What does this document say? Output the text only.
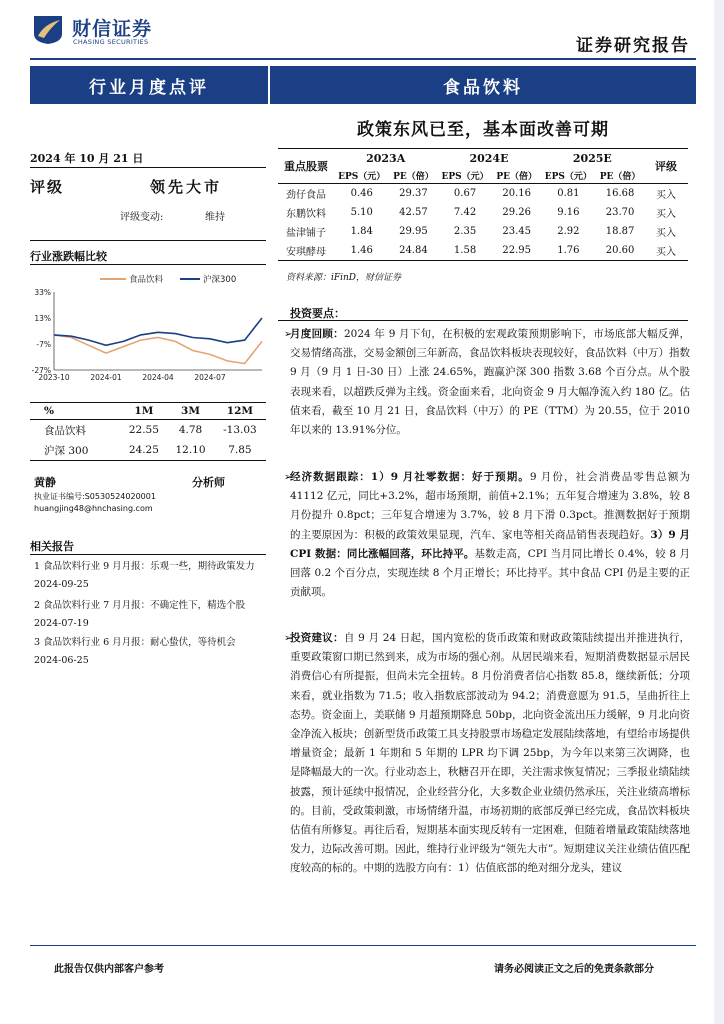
财信证券
CHASING SECURITIES	证券研究报告
行业月度点评	食品饮料
政策东风已至，基本面改善可期
2024 年 10 月 21 日
评级	领先大市
评级变动:	维持
行业涨跌幅比较
33%
13%
-7%
-27%
2023-10	2024-01	2024-04	2024-07
食品饮料	沪深300
%	1M	3M	12M
食品饮料	22.55	4.78	-13.03
沪深 300	24.25	12.10	7.85
黄静	分析师
执业证书编号:S0530524020001
huangjing48@hnchasing.com
相关报告
1 食品饮料行业 9 月月报：乐观一些，期待政策发力 2024-09-25
2 食品饮料行业 7 月月报：不确定性下，精选个股 2024-07-19
3 食品饮料行业 6 月月报：耐心蛰伏，等待机会 2024-06-25
重点股票	2023A		2024E		2025E		评级
	EPS（元）	PE（倍）	EPS（元）	PE（倍）	EPS（元）	PE（倍）	
劲仔食品	0.46	29.37	0.67	20.16	0.81	16.68	买入
东鹏饮料	5.10	42.57	7.42	29.26	9.16	23.70	买入
盐津铺子	1.84	29.95	2.35	23.45	2.92	18.87	买入
安琪酵母	1.46	24.84	1.58	22.95	1.76	20.60	买入
资料来源：iFinD，财信证券
投资要点：
➢
月度回顾：2024 年 9 月下旬，在积极的宏观政策预期影响下，市场底部大幅反弹，交易情绪高涨，交易金额创三年新高，食品饮料板块表现较好，食品饮料（中万）指数 9 月（9 月 1 日-30 日）上涨 24.65%，跑赢沪深 300 指数 3.68 个百分点。从个股表现来看，以超跌反弹为主线。资金面来看，北向资金 9 月大幅净流入约 180 亿。估值来看，截至 10 月 21 日，食品饮料（中万）的 PE（TTM）为 20.55，位于 2010 年以来的 13.91%分位。
➢
经济数据跟踪：1）9 月社零数据：好于预期。9 月份，社会消费品零售总额为 41112 亿元，同比+3.2%，超市场预期，前值+2.1%；五年复合增速为 3.8%，较 8 月份提升 0.8pct；三年复合增速为 3.7%，较 8 月下滑 0.3pct。推测数据好于预期的主要原因为：积极的政策效果显现，汽车、家电等相关商品销售表现趋好。3）9 月 CPI 数据：同比涨幅回落，环比持平。基数走高，CPI 当月同比增长 0.4%，较 8 月回落 0.2 个百分点，实现连续 8 个月正增长；环比持平。其中食品 CPI 仍是主要的正贡献项。
➢
投资建议：自 9 月 24 日起，国内宽松的货币政策和财政政策陆续提出并推进执行，重要政策窗口期已然到来，成为市场的强心剂。从居民端来看，短期消费数据显示居民消费信心有所提振，但尚未完全扭转。8 月份消费者信心指数 85.8，继续新低；分项来看，就业指数为 71.5；收入指数底部波动为 94.2；消费意愿为 91.5，呈曲折往上态势。资金面上，美联储 9 月超预期降息 50bp，北向资金流出压力缓解，9 月北向资金净流入板块；创新型货币政策工具支持股票市场稳定发展陆续落地，有望给市场提供增量资金；最新 1 年期和 5 年期的 LPR 均下调 25bp，为今年以来第三次调降，也是降幅最大的一次。行业动态上，秋糖召开在即，关注需求恢复情况；三季报业绩陆续披露，预计延续中报情况，企业经营分化，大多数企业业绩仍然承压，关注业绩高增标的。目前，受政策刺激，市场情绪升温，市场初期的底部反弹已经完成，食品饮料板块估值有所修复。再往后看，短期基本面实现反转有一定困难，但随着增量政策陆续落地发力，边际改善可期。因此，维持行业评级为“领先大市”。短期建议关注业绩估值匹配度较高的标的。中期的选股方向有：1）估值底部的绝对细分龙头，建议
此报告仅供内部客户参考	请务必阅读正文之后的免责条款部分
